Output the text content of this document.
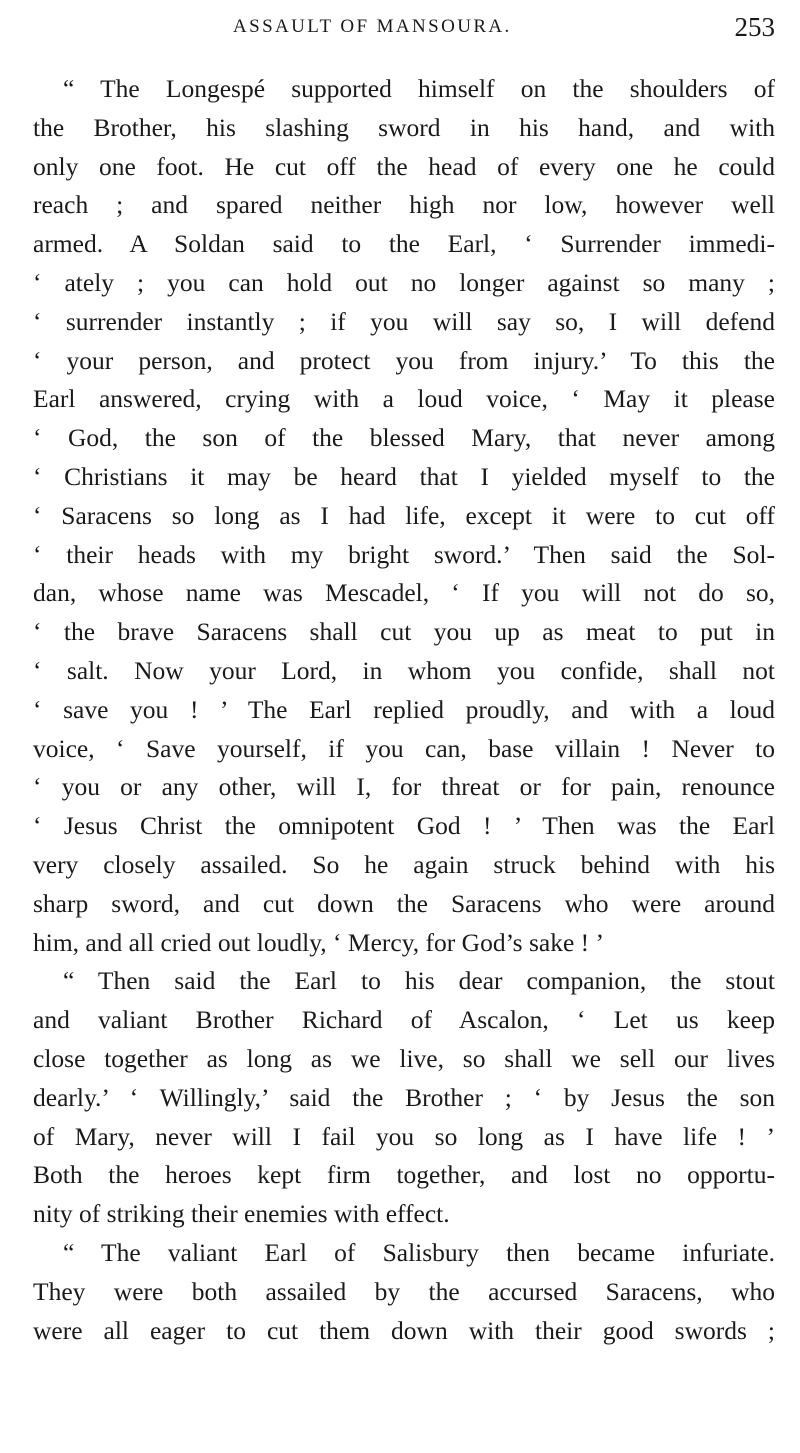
ASSAULT OF MANSOURA.	253
“ The Longespé supported himself on the shoulders of
the Brother, his slashing sword in his hand, and with
only one foot. He cut off the head of every one he could
reach ; and spared neither high nor low, however well
armed. A Soldan said to the Earl, ‘ Surrender immedi-
‘ ately ; you can hold out no longer against so many ;
‘ surrender instantly ; if you will say so, I will defend
‘ your person, and protect you from injury.’ To this the
Earl answered, crying with a loud voice, ‘ May it please
‘ God, the son of the blessed Mary, that never among
‘ Christians it may be heard that I yielded myself to the
‘ Saracens so long as I had life, except it were to cut off
‘ their heads with my bright sword.’ Then said the Sol-
dan, whose name was Mescadel, ‘ If you will not do so,
‘ the brave Saracens shall cut you up as meat to put in
‘ salt. Now your Lord, in whom you confide, shall not
‘ save you ! ’ The Earl replied proudly, and with a loud
voice, ‘ Save yourself, if you can, base villain ! Never to
‘ you or any other, will I, for threat or for pain, renounce
‘ Jesus Christ the omnipotent God ! ’ Then was the Earl
very closely assailed. So he again struck behind with his
sharp sword, and cut down the Saracens who were around
him, and all cried out loudly, ‘ Mercy, for God’s sake ! ’
“ Then said the Earl to his dear companion, the stout
and valiant Brother Richard of Ascalon, ‘ Let us keep
close together as long as we live, so shall we sell our lives
dearly.’ ‘ Willingly,’ said the Brother ; ‘ by Jesus the son
of Mary, never will I fail you so long as I have life ! ’
Both the heroes kept firm together, and lost no opportu-
nity of striking their enemies with effect.
“ The valiant Earl of Salisbury then became infuriate.
They were both assailed by the accursed Saracens, who
were all eager to cut them down with their good swords ;
